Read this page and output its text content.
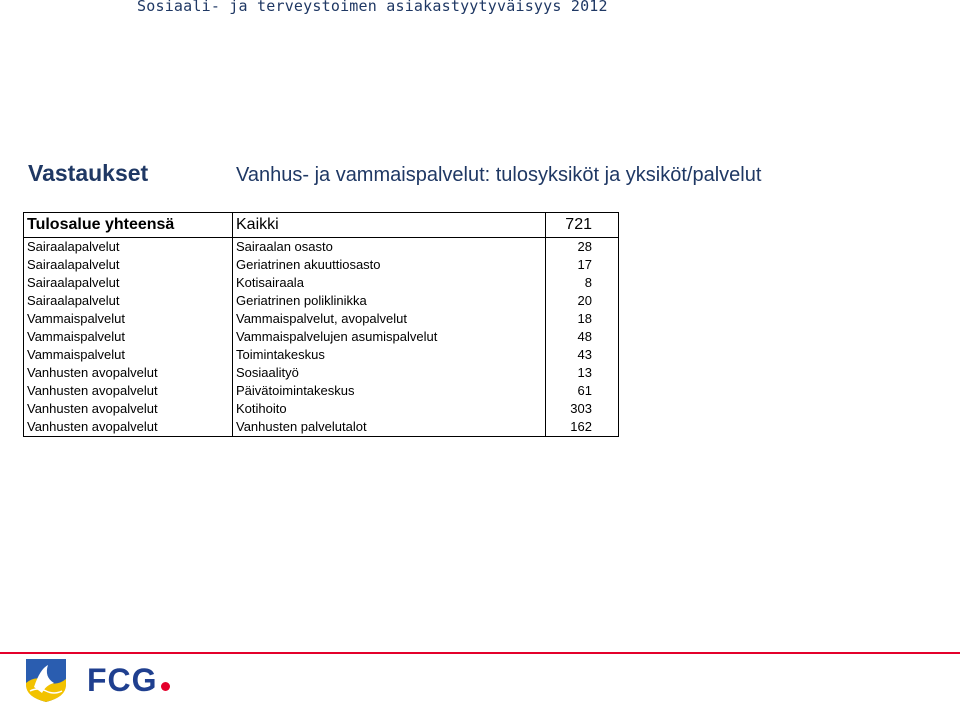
Sosiaali- ja terveystoimen asiakastyytyväisyys 2012
Vastaukset	Vanhus- ja vammaispalvelut: tulosyksiköt ja yksiköt/palvelut
Tulosalue yhteensä	Kaikki	721
Sairaalapalvelut	Sairaalan osasto	28
Sairaalapalvelut	Geriatrinen akuuttiosasto	17
Sairaalapalvelut	Kotisairaala	8
Sairaalapalvelut	Geriatrinen poliklinikka	20
Vammaispalvelut	Vammaispalvelut, avopalvelut	18
Vammaispalvelut	Vammaispalvelujen asumispalvelut	48
Vammaispalvelut	Toimintakeskus	43
Vanhusten avopalvelut	Sosiaalityö	13
Vanhusten avopalvelut	Päivätoimintakeskus	61
Vanhusten avopalvelut	Kotihoito	303
Vanhusten avopalvelut	Vanhusten palvelutalot	162
FCG
